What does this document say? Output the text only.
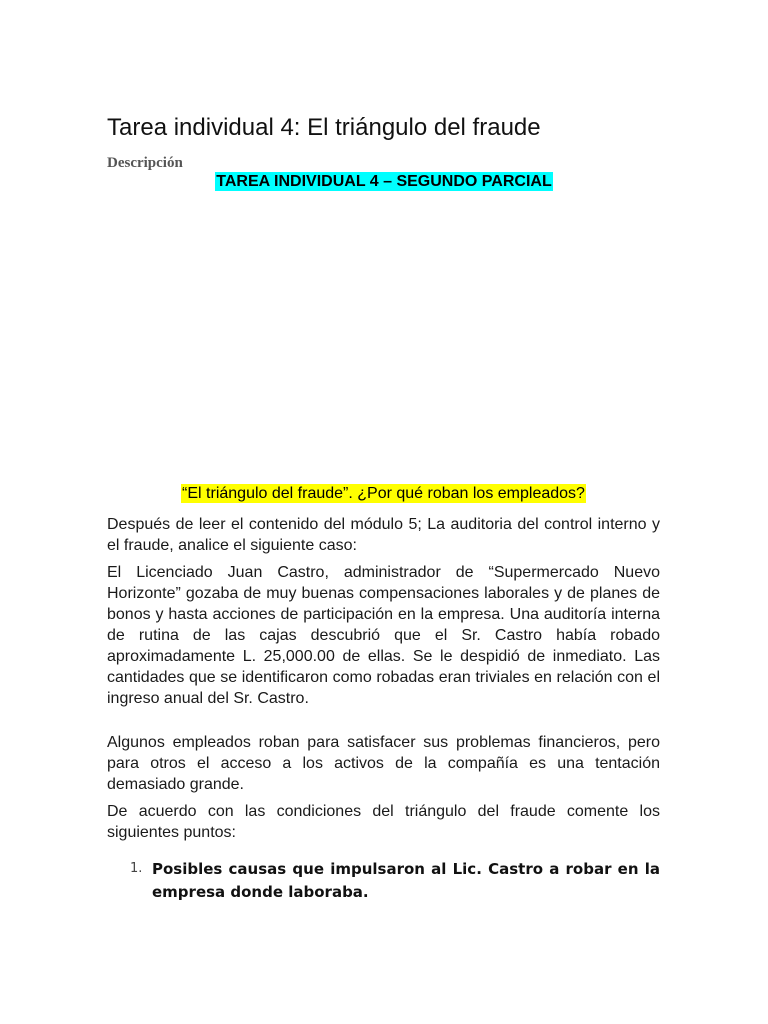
Tarea individual 4: El triángulo del fraude
Descripción
TAREA INDIVIDUAL 4 – SEGUNDO PARCIAL
“El triángulo del fraude”. ¿Por qué roban los empleados?

Después de leer el contenido del módulo 5; La auditoria del control interno y el fraude, analice el siguiente caso:

El Licenciado Juan Castro, administrador de “Supermercado Nuevo Horizonte” gozaba de muy buenas compensaciones laborales y de planes de bonos y hasta acciones de participación en la empresa. Una auditoría interna de rutina de las cajas descubrió que el Sr. Castro había robado aproximadamente L. 25,000.00 de ellas. Se le despidió de inmediato. Las cantidades que se identificaron como robadas eran triviales en relación con el ingreso anual del Sr. Castro.

Algunos empleados roban para satisfacer sus problemas financieros, pero para otros el acceso a los activos de la compañía es una tentación demasiado grande.

De acuerdo con las condiciones del triángulo del fraude comente los siguientes puntos:

1. Posibles causas que impulsaron al Lic. Castro a robar en la empresa donde laboraba.
